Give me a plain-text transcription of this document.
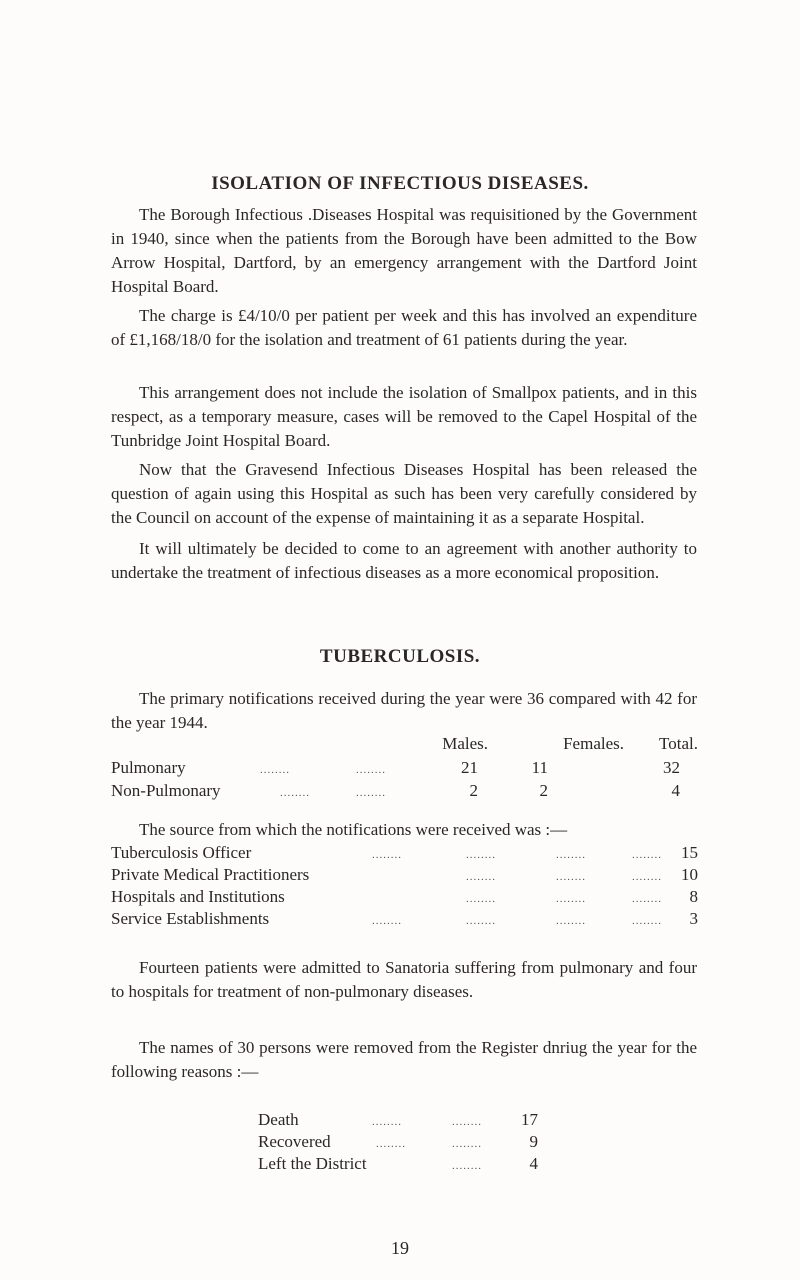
ISOLATION OF INFECTIOUS DISEASES.

The Borough Infectious .Diseases Hospital was requisitioned by the Government in 1940, since when the patients from the Borough have been admitted to the Bow Arrow Hospital, Dartford, by an emergency arrangement with the Dartford Joint Hospital Board.

The charge is £4/10/0 per patient per week and this has involved an expenditure of £1,168/18/0 for the isolation and treatment of 61 patients during the year.

This arrangement does not include the isolation of Smallpox patients, and in this respect, as a temporary measure, cases will be removed to the Capel Hospital of the Tunbridge Joint Hospital Board.

Now that the Gravesend Infectious Diseases Hospital has been released the question of again using this Hospital as such has been very carefully considered by the Council on account of the expense of maintaining it as a separate Hospital.

It will ultimately be decided to come to an agreement with another authority to undertake the treatment of infectious diseases as a more economical proposition.

TUBERCULOSIS.

The primary notifications received during the year were 36 compared with 42 for the year 1944.

Males.	Females.	Total.
Pulmonary	........	........	21	11	32
Non-Pulmonary	........	........	2	2	4

The source from which the notifications were received was :—

Tuberculosis Officer	........	........	........	........	15
Private Medical Practitioners	........	........	........	10
Hospitals and Institutions	........	........	........	8
Service Establishments	........	........	........	........	3

Fourteen patients were admitted to Sanatoria suffering from pulmonary and four to hospitals for treatment of non-pulmonary diseases.

The names of 30 persons were removed from the Register dnriug the year for the following reasons :—

Death	........	........	17
Recovered	........	........	9
Left the District	........	4
19
